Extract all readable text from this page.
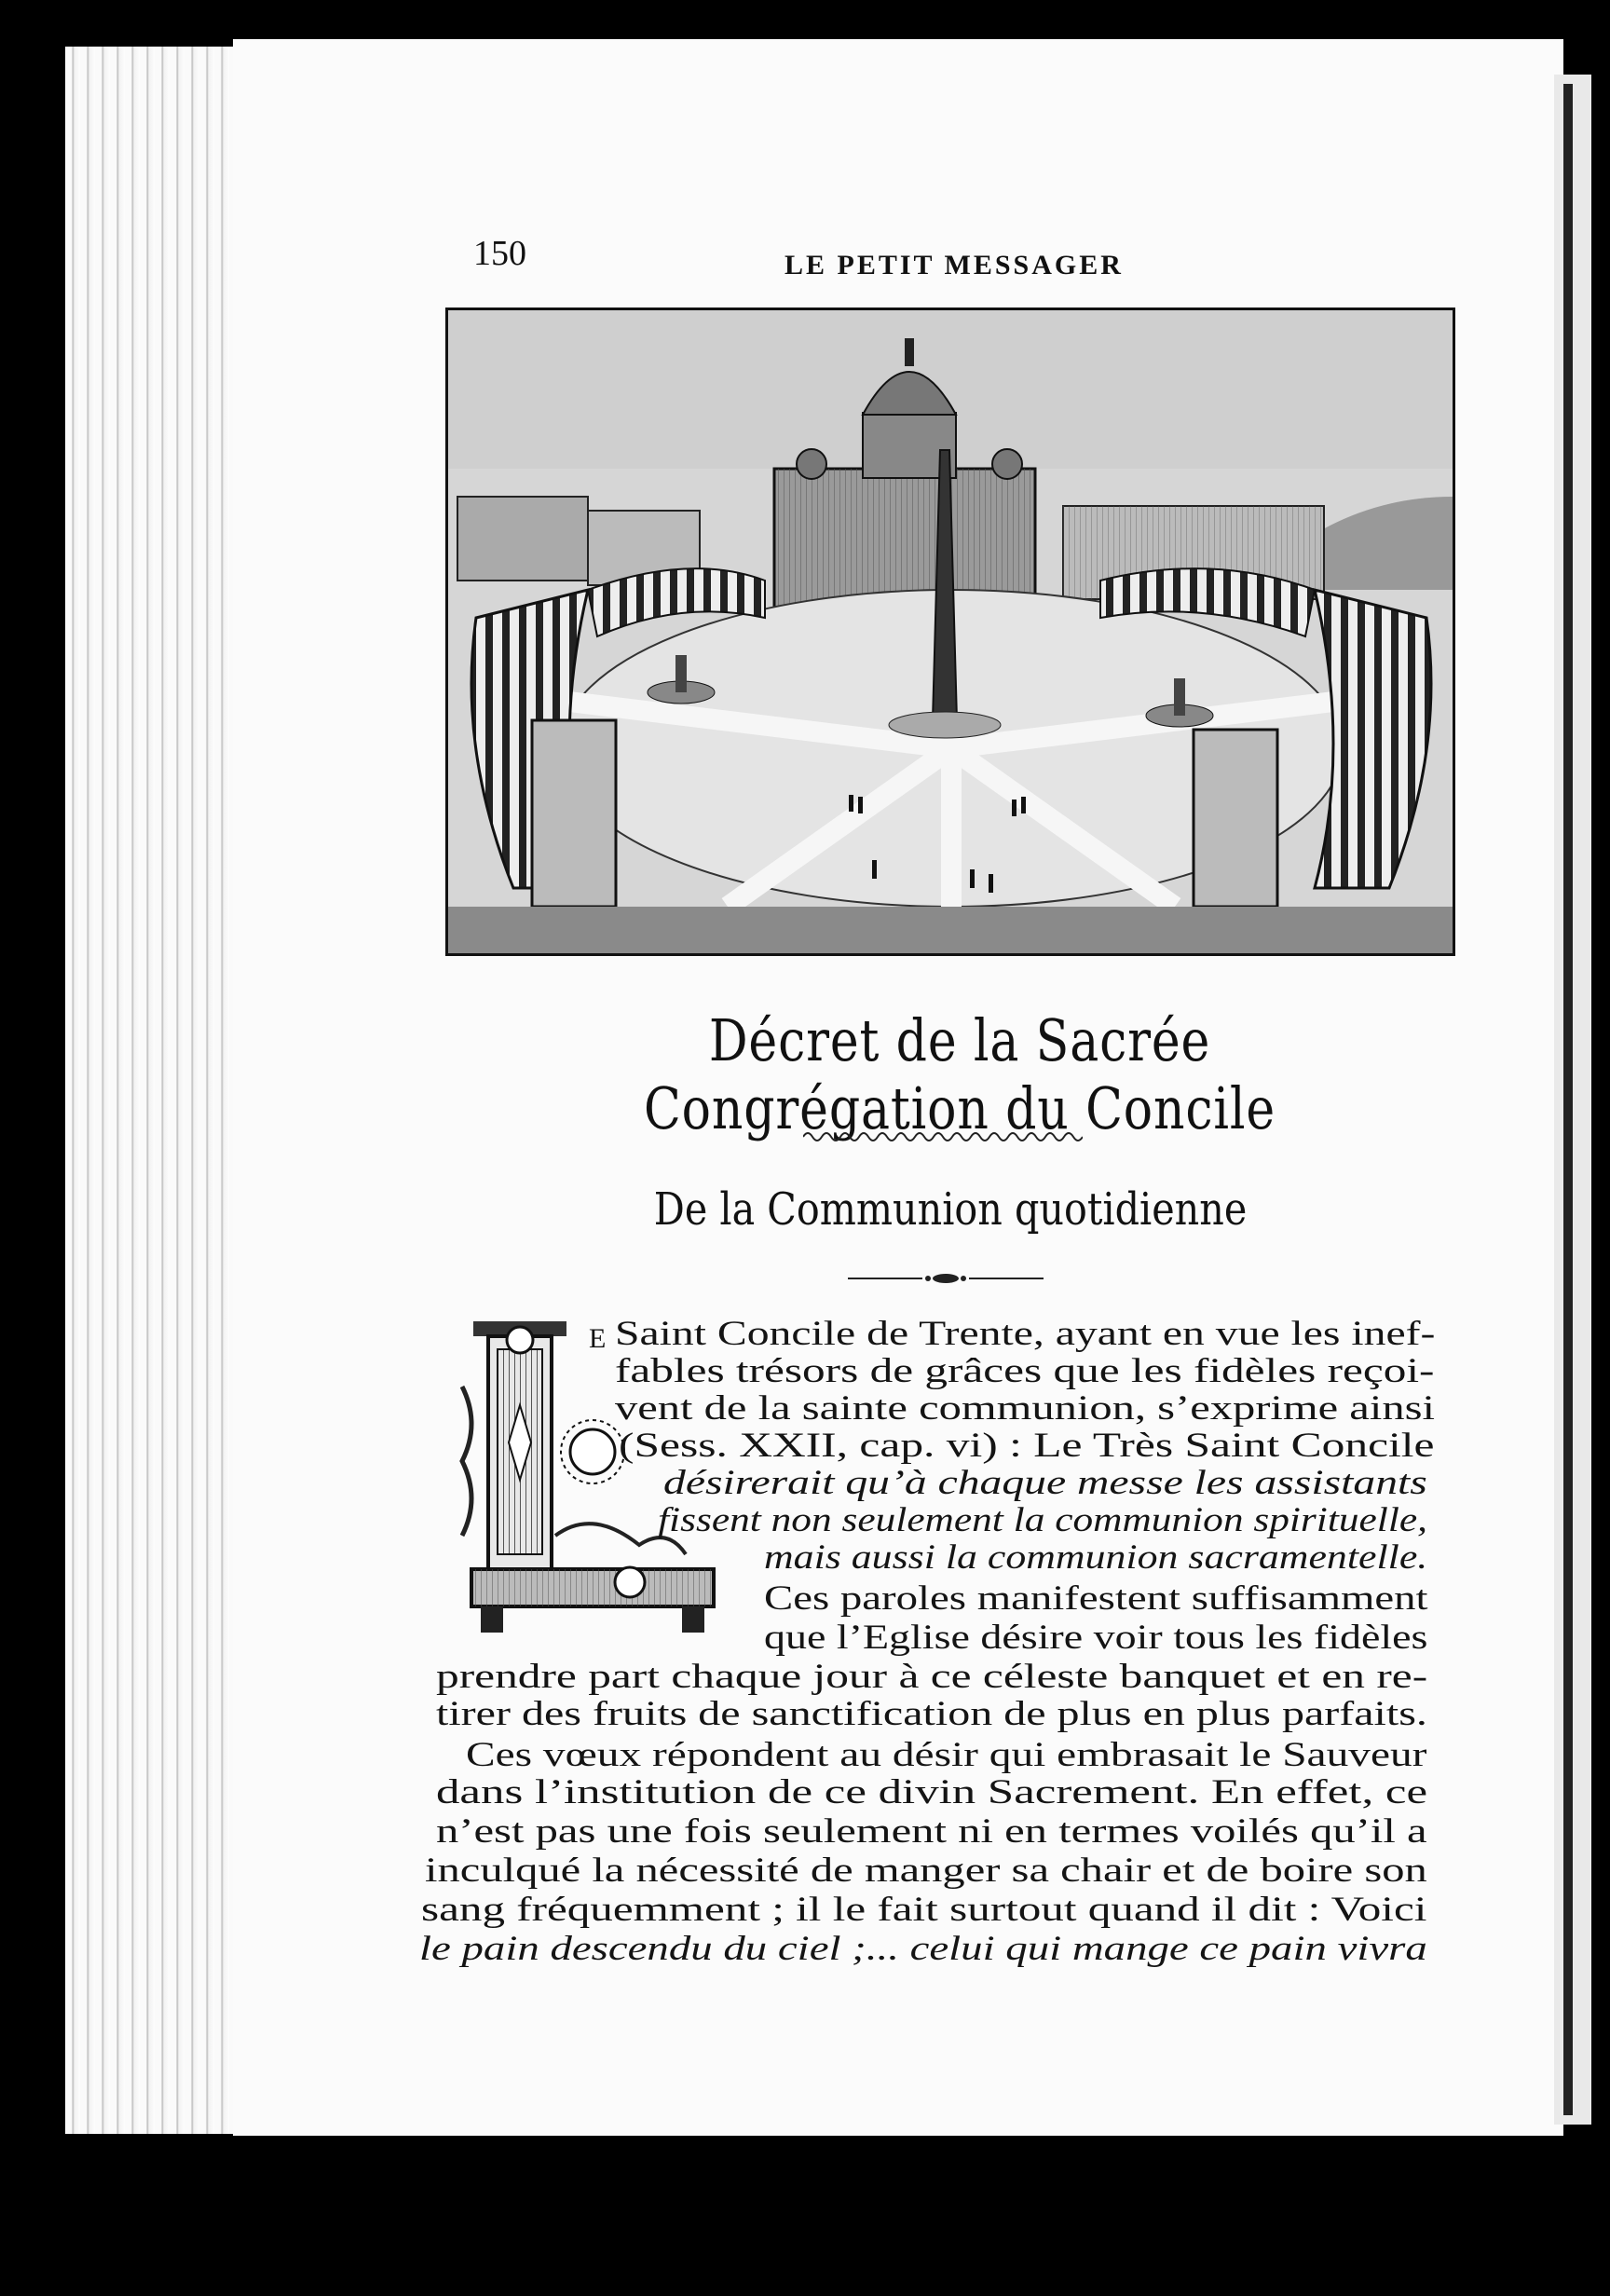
150	LE PETIT MESSAGER
Décret de la Sacrée Congrégation du Concile
De la Communion quotidienne
L
E Saint Concile de Trente, ayant en vue les inef-
fables trésors de grâces que les fidèles reçoi-
vent de la sainte communion, s’exprime ainsi
(Sess. XXII, cap. vi) : Le Très Saint Concile
désirerait qu’à chaque messe les assistants
fissent non seulement la communion spirituelle,
mais aussi la communion sacramentelle.
Ces paroles manifestent suffisamment
que l’Eglise désire voir tous les fidèles
prendre part chaque jour à ce céleste banquet et en re-
tirer des fruits de sanctification de plus en plus parfaits.
Ces vœux répondent au désir qui embrasait le Sauveur
dans l’institution de ce divin Sacrement. En effet, ce
n’est pas une fois seulement ni en termes voilés qu’il a
inculqué la nécessité de manger sa chair et de boire son
sang fréquemment ; il le fait surtout quand il dit : Voici
le pain descendu du ciel ;... celui qui mange ce pain vivra
